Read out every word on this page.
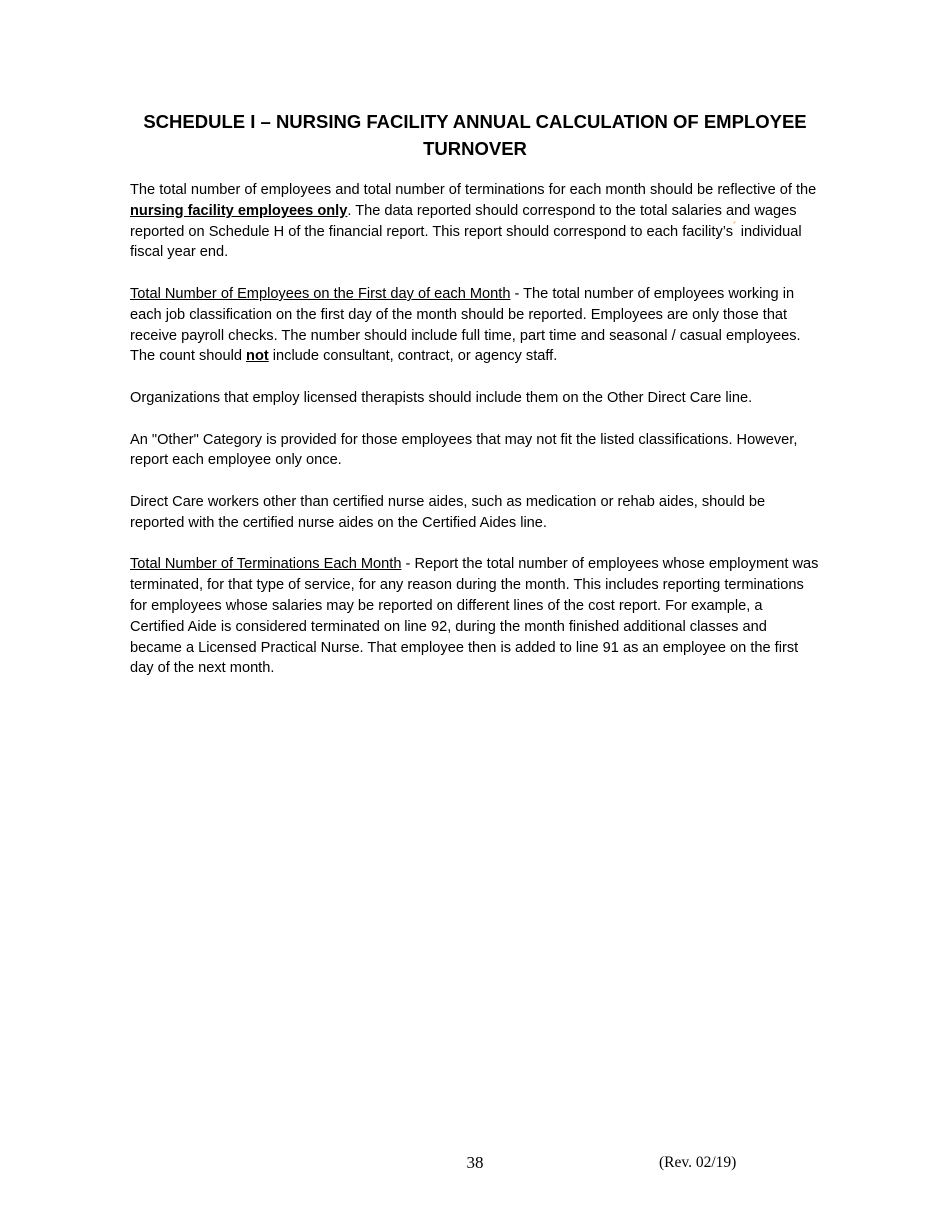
SCHEDULE I – NURSING FACILITY ANNUAL CALCULATION OF EMPLOYEE TURNOVER

The total number of employees and total number of terminations for each month should be reflective of the nursing facility employees only. The data reported should correspond to the total salaries and wages reported on Schedule H of the financial report. This report should correspond to each facility’s´ individual fiscal year end.

Total Number of Employees on the First day of each Month - The total number of employees working in each job classification on the first day of the month should be reported. Employees are only those that receive payroll checks. The number should include full time, part time and seasonal / casual employees. The count should not include consultant, contract, or agency staff.

Organizations that employ licensed therapists should include them on the Other Direct Care line.

An "Other" Category is provided for those employees that may not fit the listed classifications. However, report each employee only once.

Direct Care workers other than certified nurse aides, such as medication or rehab aides, should be reported with the certified nurse aides on the Certified Aides line.

Total Number of Terminations Each Month - Report the total number of employees whose employment was terminated, for that type of service, for any reason during the month. This includes reporting terminations for employees whose salaries may be reported on different lines of the cost report. For example, a Certified Aide is considered terminated on line 92, during the month finished additional classes and became a Licensed Practical Nurse. That employee then is added to line 91 as an employee on the first day of the next month.

38	(Rev. 02/19)
